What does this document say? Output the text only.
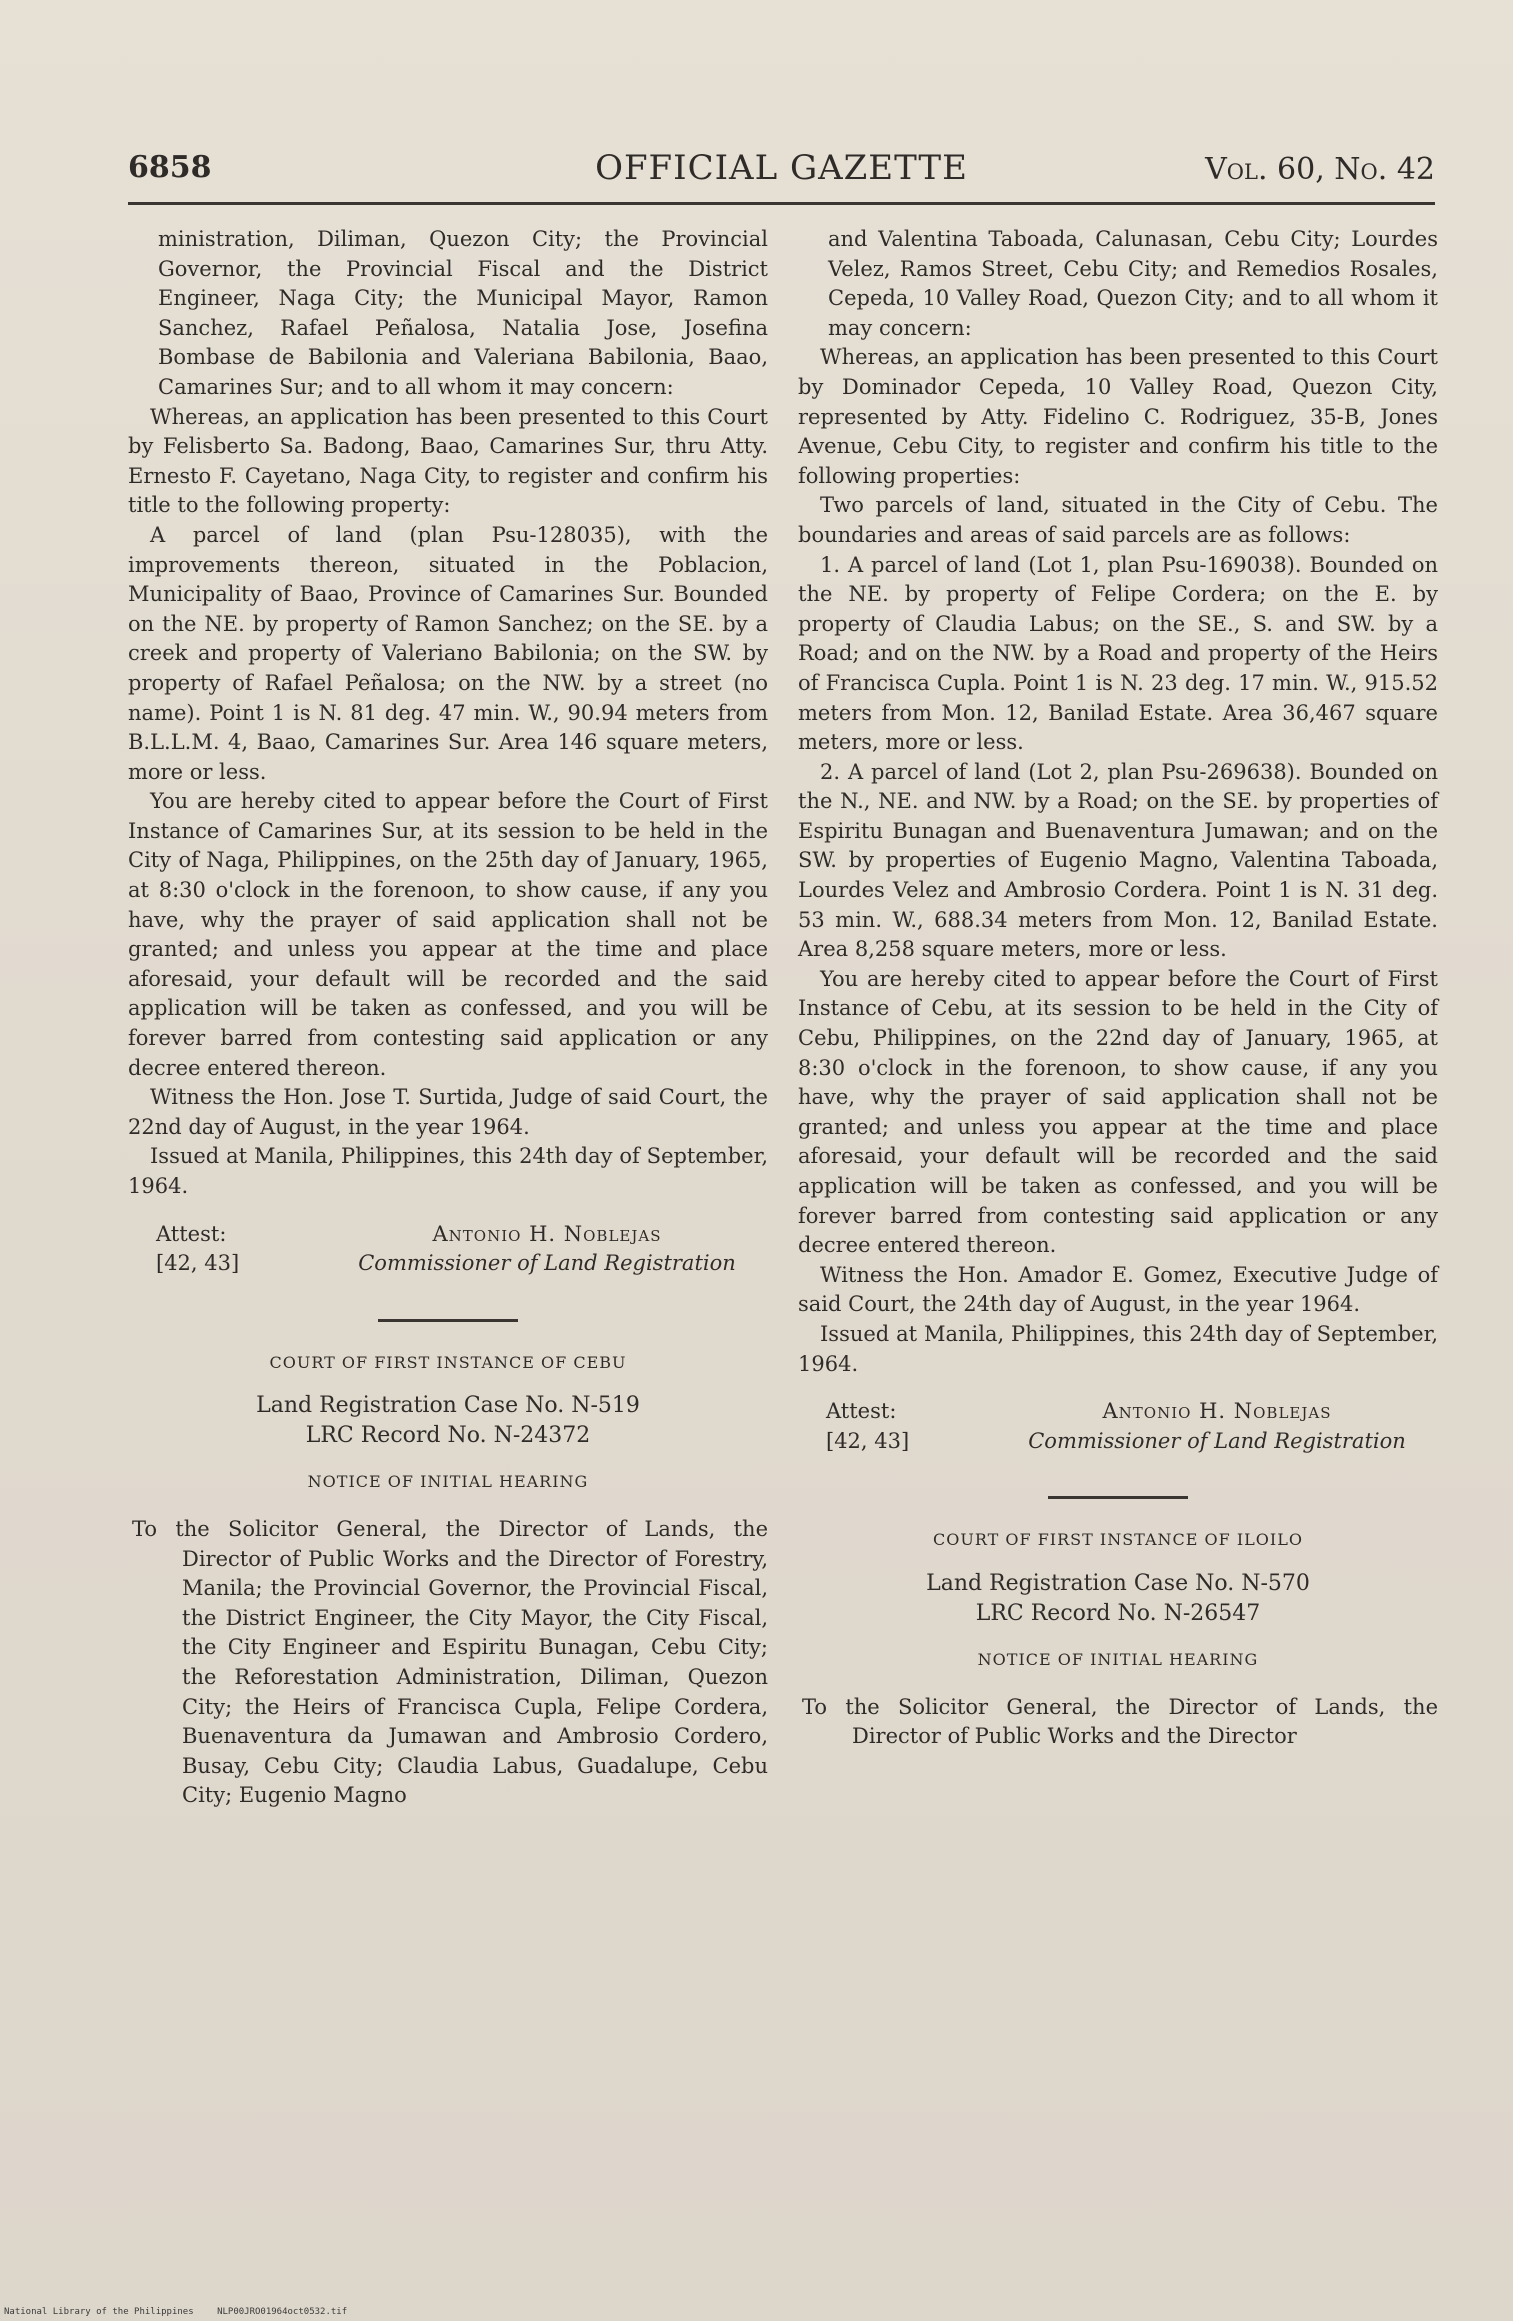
6858	OFFICIAL GAZETTE	Vol. 60, No. 42

ministration, Diliman, Quezon City; the Provincial Governor, the Provincial Fiscal and the District Engineer, Naga City; the Municipal Mayor, Ramon Sanchez, Rafael Peñalosa, Natalia Jose, Josefina Bombase de Babilonia and Valeriana Babilonia, Baao, Camarines Sur; and to all whom it may concern:

Whereas, an application has been presented to this Court by Felisberto Sa. Badong, Baao, Camarines Sur, thru Atty. Ernesto F. Cayetano, Naga City, to register and confirm his title to the following property:

A parcel of land (plan Psu-128035), with the improvements thereon, situated in the Poblacion, Municipality of Baao, Province of Camarines Sur. Bounded on the NE. by property of Ramon Sanchez; on the SE. by a creek and property of Valeriano Babilonia; on the SW. by property of Rafael Peñalosa; on the NW. by a street (no name). Point 1 is N. 81 deg. 47 min. W., 90.94 meters from B.L.L.M. 4, Baao, Camarines Sur. Area 146 square meters, more or less.

You are hereby cited to appear before the Court of First Instance of Camarines Sur, at its session to be held in the City of Naga, Philippines, on the 25th day of January, 1965, at 8:30 o'clock in the forenoon, to show cause, if any you have, why the prayer of said application shall not be granted; and unless you appear at the time and place aforesaid, your default will be recorded and the said application will be taken as confessed, and you will be forever barred from contesting said application or any decree entered thereon.

Witness the Hon. Jose T. Surtida, Judge of said Court, the 22nd day of August, in the year 1964.

Issued at Manila, Philippines, this 24th day of September, 1964.

Attest:
[42, 43]
Antonio H. Noblejas
Commissioner of Land Registration
COURT OF FIRST INSTANCE OF CEBU
Land Registration Case No. N-519
LRC Record No. N-24372
NOTICE OF INITIAL HEARING

To the Solicitor General, the Director of Lands, the Director of Public Works and the Director of Forestry, Manila; the Provincial Governor, the Provincial Fiscal, the District Engineer, the City Mayor, the City Fiscal, the City Engineer and Espiritu Bunagan, Cebu City; the Reforestation Administration, Diliman, Quezon City; the Heirs of Francisca Cupla, Felipe Cordera, Buenaventura da Jumawan and Ambrosio Cordero, Busay, Cebu City; Claudia Labus, Guadalupe, Cebu City; Eugenio Magno

and Valentina Taboada, Calunasan, Cebu City; Lourdes Velez, Ramos Street, Cebu City; and Remedios Rosales, Cepeda, 10 Valley Road, Quezon City; and to all whom it may concern:

Whereas, an application has been presented to this Court by Dominador Cepeda, 10 Valley Road, Quezon City, represented by Atty. Fidelino C. Rodriguez, 35-B, Jones Avenue, Cebu City, to register and confirm his title to the following properties:

Two parcels of land, situated in the City of Cebu. The boundaries and areas of said parcels are as follows:

1. A parcel of land (Lot 1, plan Psu-169038). Bounded on the NE. by property of Felipe Cordera; on the E. by property of Claudia Labus; on the SE., S. and SW. by a Road; and on the NW. by a Road and property of the Heirs of Francisca Cupla. Point 1 is N. 23 deg. 17 min. W., 915.52 meters from Mon. 12, Banilad Estate. Area 36,467 square meters, more or less.

2. A parcel of land (Lot 2, plan Psu-269638). Bounded on the N., NE. and NW. by a Road; on the SE. by properties of Espiritu Bunagan and Buenaventura Jumawan; and on the SW. by properties of Eugenio Magno, Valentina Taboada, Lourdes Velez and Ambrosio Cordera. Point 1 is N. 31 deg. 53 min. W., 688.34 meters from Mon. 12, Banilad Estate. Area 8,258 square meters, more or less.

You are hereby cited to appear before the Court of First Instance of Cebu, at its session to be held in the City of Cebu, Philippines, on the 22nd day of January, 1965, at 8:30 o'clock in the forenoon, to show cause, if any you have, why the prayer of said application shall not be granted; and unless you appear at the time and place aforesaid, your default will be recorded and the said application will be taken as confessed, and you will be forever barred from contesting said application or any decree entered thereon.

Witness the Hon. Amador E. Gomez, Executive Judge of said Court, the 24th day of August, in the year 1964.

Issued at Manila, Philippines, this 24th day of September, 1964.

Attest:
[42, 43]
Antonio H. Noblejas
Commissioner of Land Registration
COURT OF FIRST INSTANCE OF ILOILO
Land Registration Case No. N-570
LRC Record No. N-26547
NOTICE OF INITIAL HEARING

To the Solicitor General, the Director of Lands, the Director of Public Works and the Director

National Library of the Philippines	NLP00JRO01964oct0532.tif
